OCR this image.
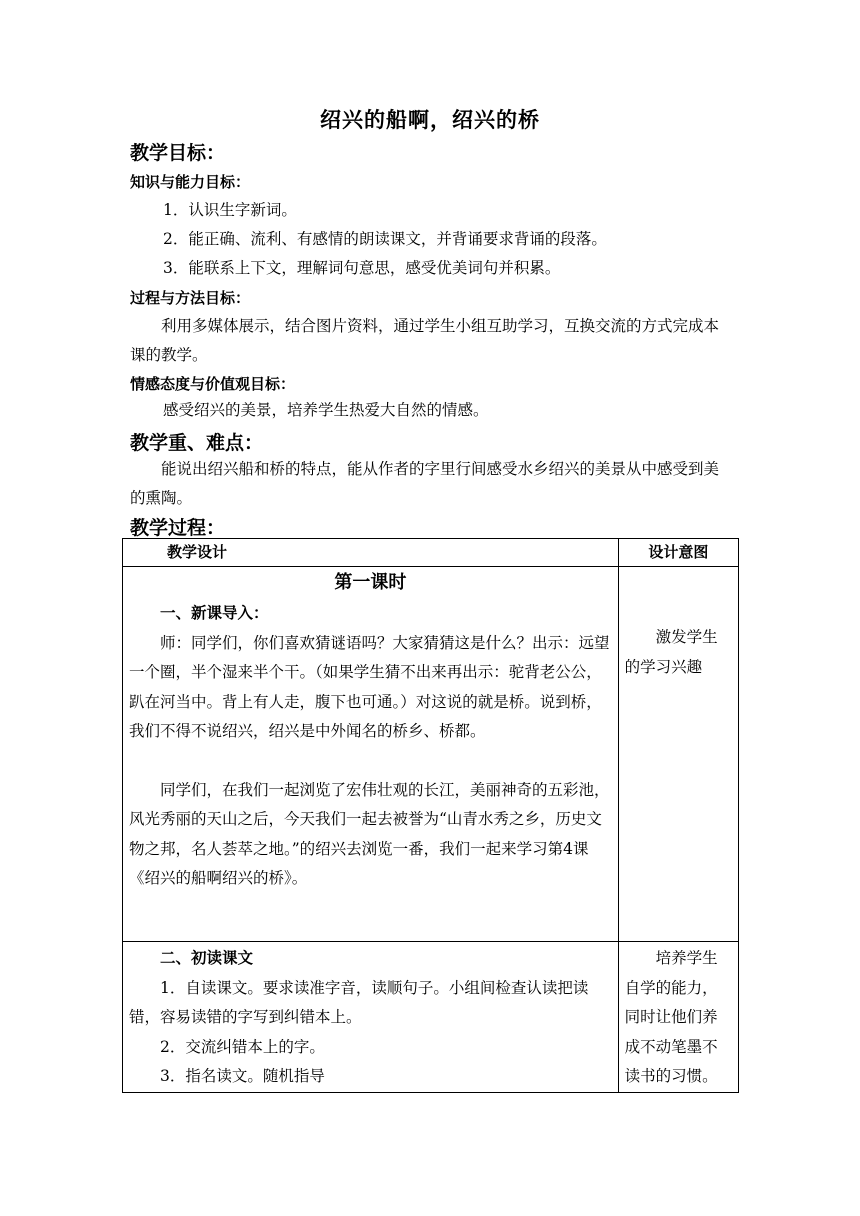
绍兴的船啊，绍兴的桥
教学目标：
知识与能力目标：
1．认识生字新词。
2．能正确、流利、有感情的朗读课文，并背诵要求背诵的段落。
3．能联系上下文，理解词句意思，感受优美词句并积累。
过程与方法目标：
利用多媒体展示，结合图片资料，通过学生小组互助学习，互换交流的方式完成本课的教学。
情感态度与价值观目标：
感受绍兴的美景，培养学生热爱大自然的情感。
教学重、难点：
能说出绍兴船和桥的特点，能从作者的字里行间感受水乡绍兴的美景从中感受到美的熏陶。
教学过程：
教学设计	设计意图

第一课时
一、新课导入：
师：同学们，你们喜欢猜谜语吗？大家猜猜这是什么？出示：远望一个圈，半个湿来半个干。（如果学生猜不出来再出示：驼背老公公，趴在河当中。背上有人走，腹下也可通。）对这说的就是桥。说到桥，我们不得不说绍兴，绍兴是中外闻名的桥乡、桥都。
同学们，在我们一起浏览了宏伟壮观的长江，美丽神奇的五彩池，风光秀丽的天山之后，今天我们一起去被誉为“山青水秀之乡，历史文物之邦，名人荟萃之地。”的绍兴去浏览一番，我们一起来学习第4课《绍兴的船啊绍兴的桥》。	激发学生的学习兴趣

二、初读课文
1．自读课文。要求读准字音，读顺句子。小组间检查认读把读错，容易读错的字写到纠错本上。
2．交流纠错本上的字。
3．指名读文。随机指导	培养学生自学的能力，同时让他们养成不动笔墨不读书的习惯。
